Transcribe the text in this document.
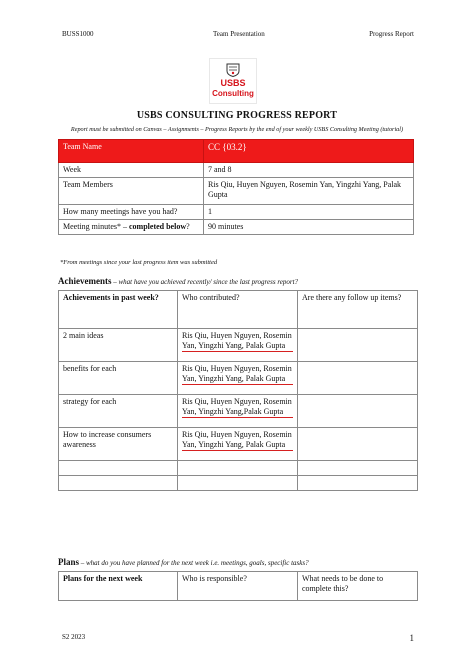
BUSS1000	Team Presentation	Progress Report
USBS
Consulting
USBS CONSULTING PROGRESS REPORT
Report must be submitted on Canvas – Assignments – Progress Reports by the end of your weekly USBS Consulting Meeting (tutorial)
Team Name	CC {03.2}
Week	7 and 8
Team Members	Ris Qiu, Huyen Nguyen, Rosemin Yan, Yingzhi Yang, Palak Gupta
How many meetings have you had?	1
Meeting minutes* – completed below?	90 minutes
*From meetings since your last progress item was submitted
Achievements – what have you achieved recently/ since the last progress report?
Achievements in past week?	Who contributed?	Are there any follow up items?
2 main ideas	Ris Qiu, Huyen Nguyen, Rosemin Yan, Yingzhi Yang, Palak Gupta	

benefits for each	Ris Qiu, Huyen Nguyen, Rosemin Yan, Yingzhi Yang, Palak Gupta	

strategy for each	Ris Qiu, Huyen Nguyen, Rosemin Yan, Yingzhi Yang,Palak Gupta	

How to increase consumers awareness	Ris Qiu, Huyen Nguyen, Rosemin Yan, Yingzhi Yang, Palak Gupta	

Plans – what do you have planned for the next week i.e. meetings, goals, specific tasks?
Plans for the next week	Who is responsible?	What needs to be done to complete this?
S2 2023	1
